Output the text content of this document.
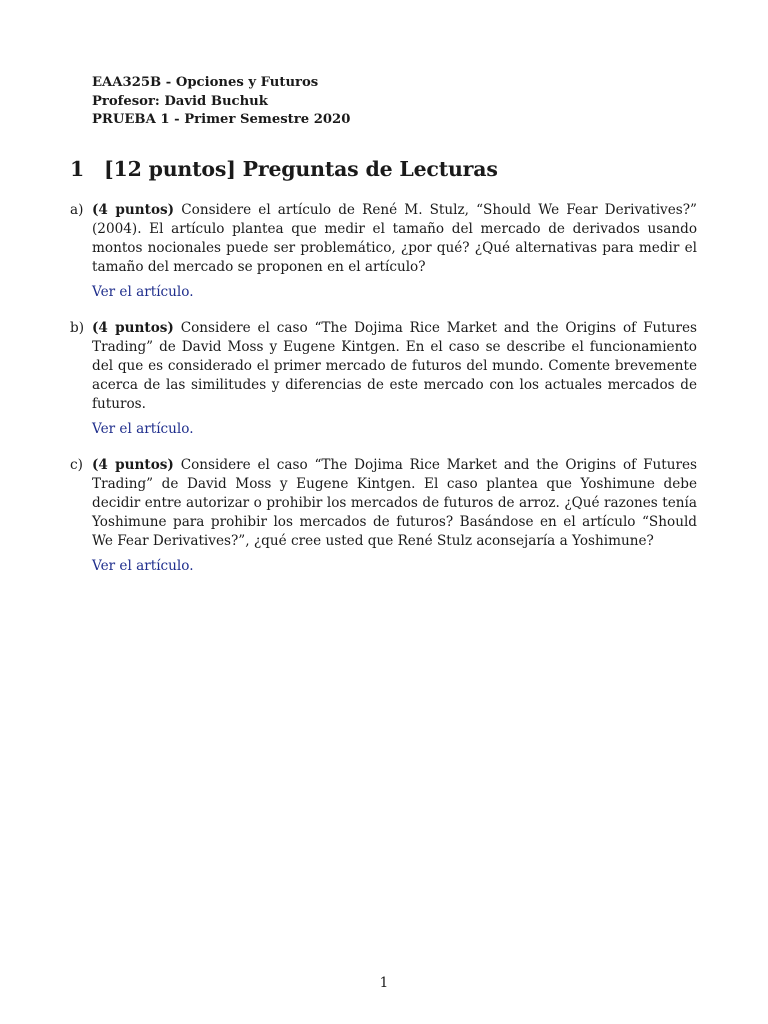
EAA325B - Opciones y Futuros
Profesor: David Buchuk
PRUEBA 1 - Primer Semestre 2020
1 [12 puntos] Preguntas de Lecturas
a) (4 puntos) Considere el artículo de René M. Stulz, “Should We Fear Derivatives?” (2004). El artículo plantea que medir el tamaño del mercado de derivados usando montos nocionales puede ser problemático, ¿por qué? ¿Qué alternativas para medir el tamaño del mercado se proponen en el artículo?

Ver el artículo.
b) (4 puntos) Considere el caso “The Dojima Rice Market and the Origins of Futures Trading” de David Moss y Eugene Kintgen. En el caso se describe el funcionamiento del que es considerado el primer mercado de futuros del mundo. Comente brevemente acerca de las similitudes y diferencias de este mercado con los actuales mercados de futuros.

Ver el artículo.
c) (4 puntos) Considere el caso “The Dojima Rice Market and the Origins of Futures Trading” de David Moss y Eugene Kintgen. El caso plantea que Yoshimune debe decidir entre autorizar o prohibir los mercados de futuros de arroz. ¿Qué razones tenía Yoshimune para prohibir los mercados de futuros? Basándose en el artículo “Should We Fear Derivatives?”, ¿qué cree usted que René Stulz aconsejaría a Yoshimune?

Ver el artículo.
1
